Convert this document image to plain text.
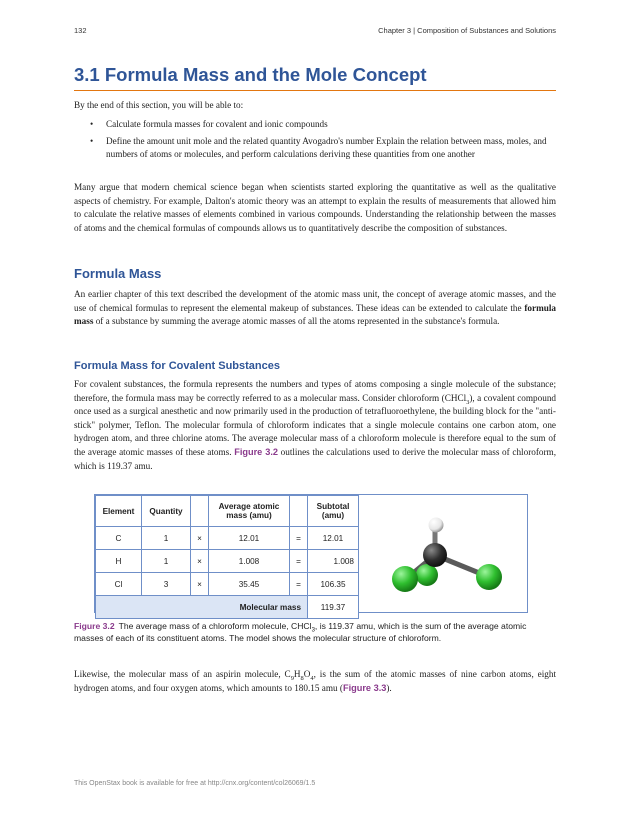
132	Chapter 3 | Composition of Substances and Solutions
3.1 Formula Mass and the Mole Concept

By the end of this section, you will be able to:

• Calculate formula masses for covalent and ionic compounds
• Define the amount unit mole and the related quantity Avogadro's number Explain the relation between mass, moles, and numbers of atoms or molecules, and perform calculations deriving these quantities from one another

Many argue that modern chemical science began when scientists started exploring the quantitative as well as the qualitative aspects of chemistry. For example, Dalton's atomic theory was an attempt to explain the results of measurements that allowed him to calculate the relative masses of elements combined in various compounds. Understanding the relationship between the masses of atoms and the chemical formulas of compounds allows us to quantitatively describe the composition of substances.

Formula Mass

An earlier chapter of this text described the development of the atomic mass unit, the concept of average atomic masses, and the use of chemical formulas to represent the elemental makeup of substances. These ideas can be extended to calculate the formula mass of a substance by summing the average atomic masses of all the atoms represented in the substance's formula.

Formula Mass for Covalent Substances

For covalent substances, the formula represents the numbers and types of atoms composing a single molecule of the substance; therefore, the formula mass may be correctly referred to as a molecular mass. Consider chloroform (CHCl$_3$), a covalent compound once used as a surgical anesthetic and now primarily used in the production of tetrafluoroethylene, the building block for the "anti-stick" polymer, Teflon. The molecular formula of chloroform indicates that a single molecule contains one carbon atom, one hydrogen atom, and three chlorine atoms. The average molecular mass of a chloroform molecule is therefore equal to the sum of the average atomic masses of these atoms. Figure 3.2 outlines the calculations used to derive the molecular mass of chloroform, which is 119.37 amu.

Element	Quantity		Average atomic mass (amu)		Subtotal (amu)
C	1	×	12.01	=	12.01
H	1	×	1.008	=	1.008
Cl	3	×	35.45	=	106.35
Molecular mass					119.37
Figure 3.2 The average mass of a chloroform molecule, CHCl$_3$, is 119.37 amu, which is the sum of the average atomic masses of each of its constituent atoms. The model shows the molecular structure of chloroform.

Likewise, the molecular mass of an aspirin molecule, $C_9H_8O_4$, is the sum of the atomic masses of nine carbon atoms, eight hydrogen atoms, and four oxygen atoms, which amounts to 180.15 amu (Figure 3.3).

This OpenStax book is available for free at http://cnx.org/content/col26069/1.5
